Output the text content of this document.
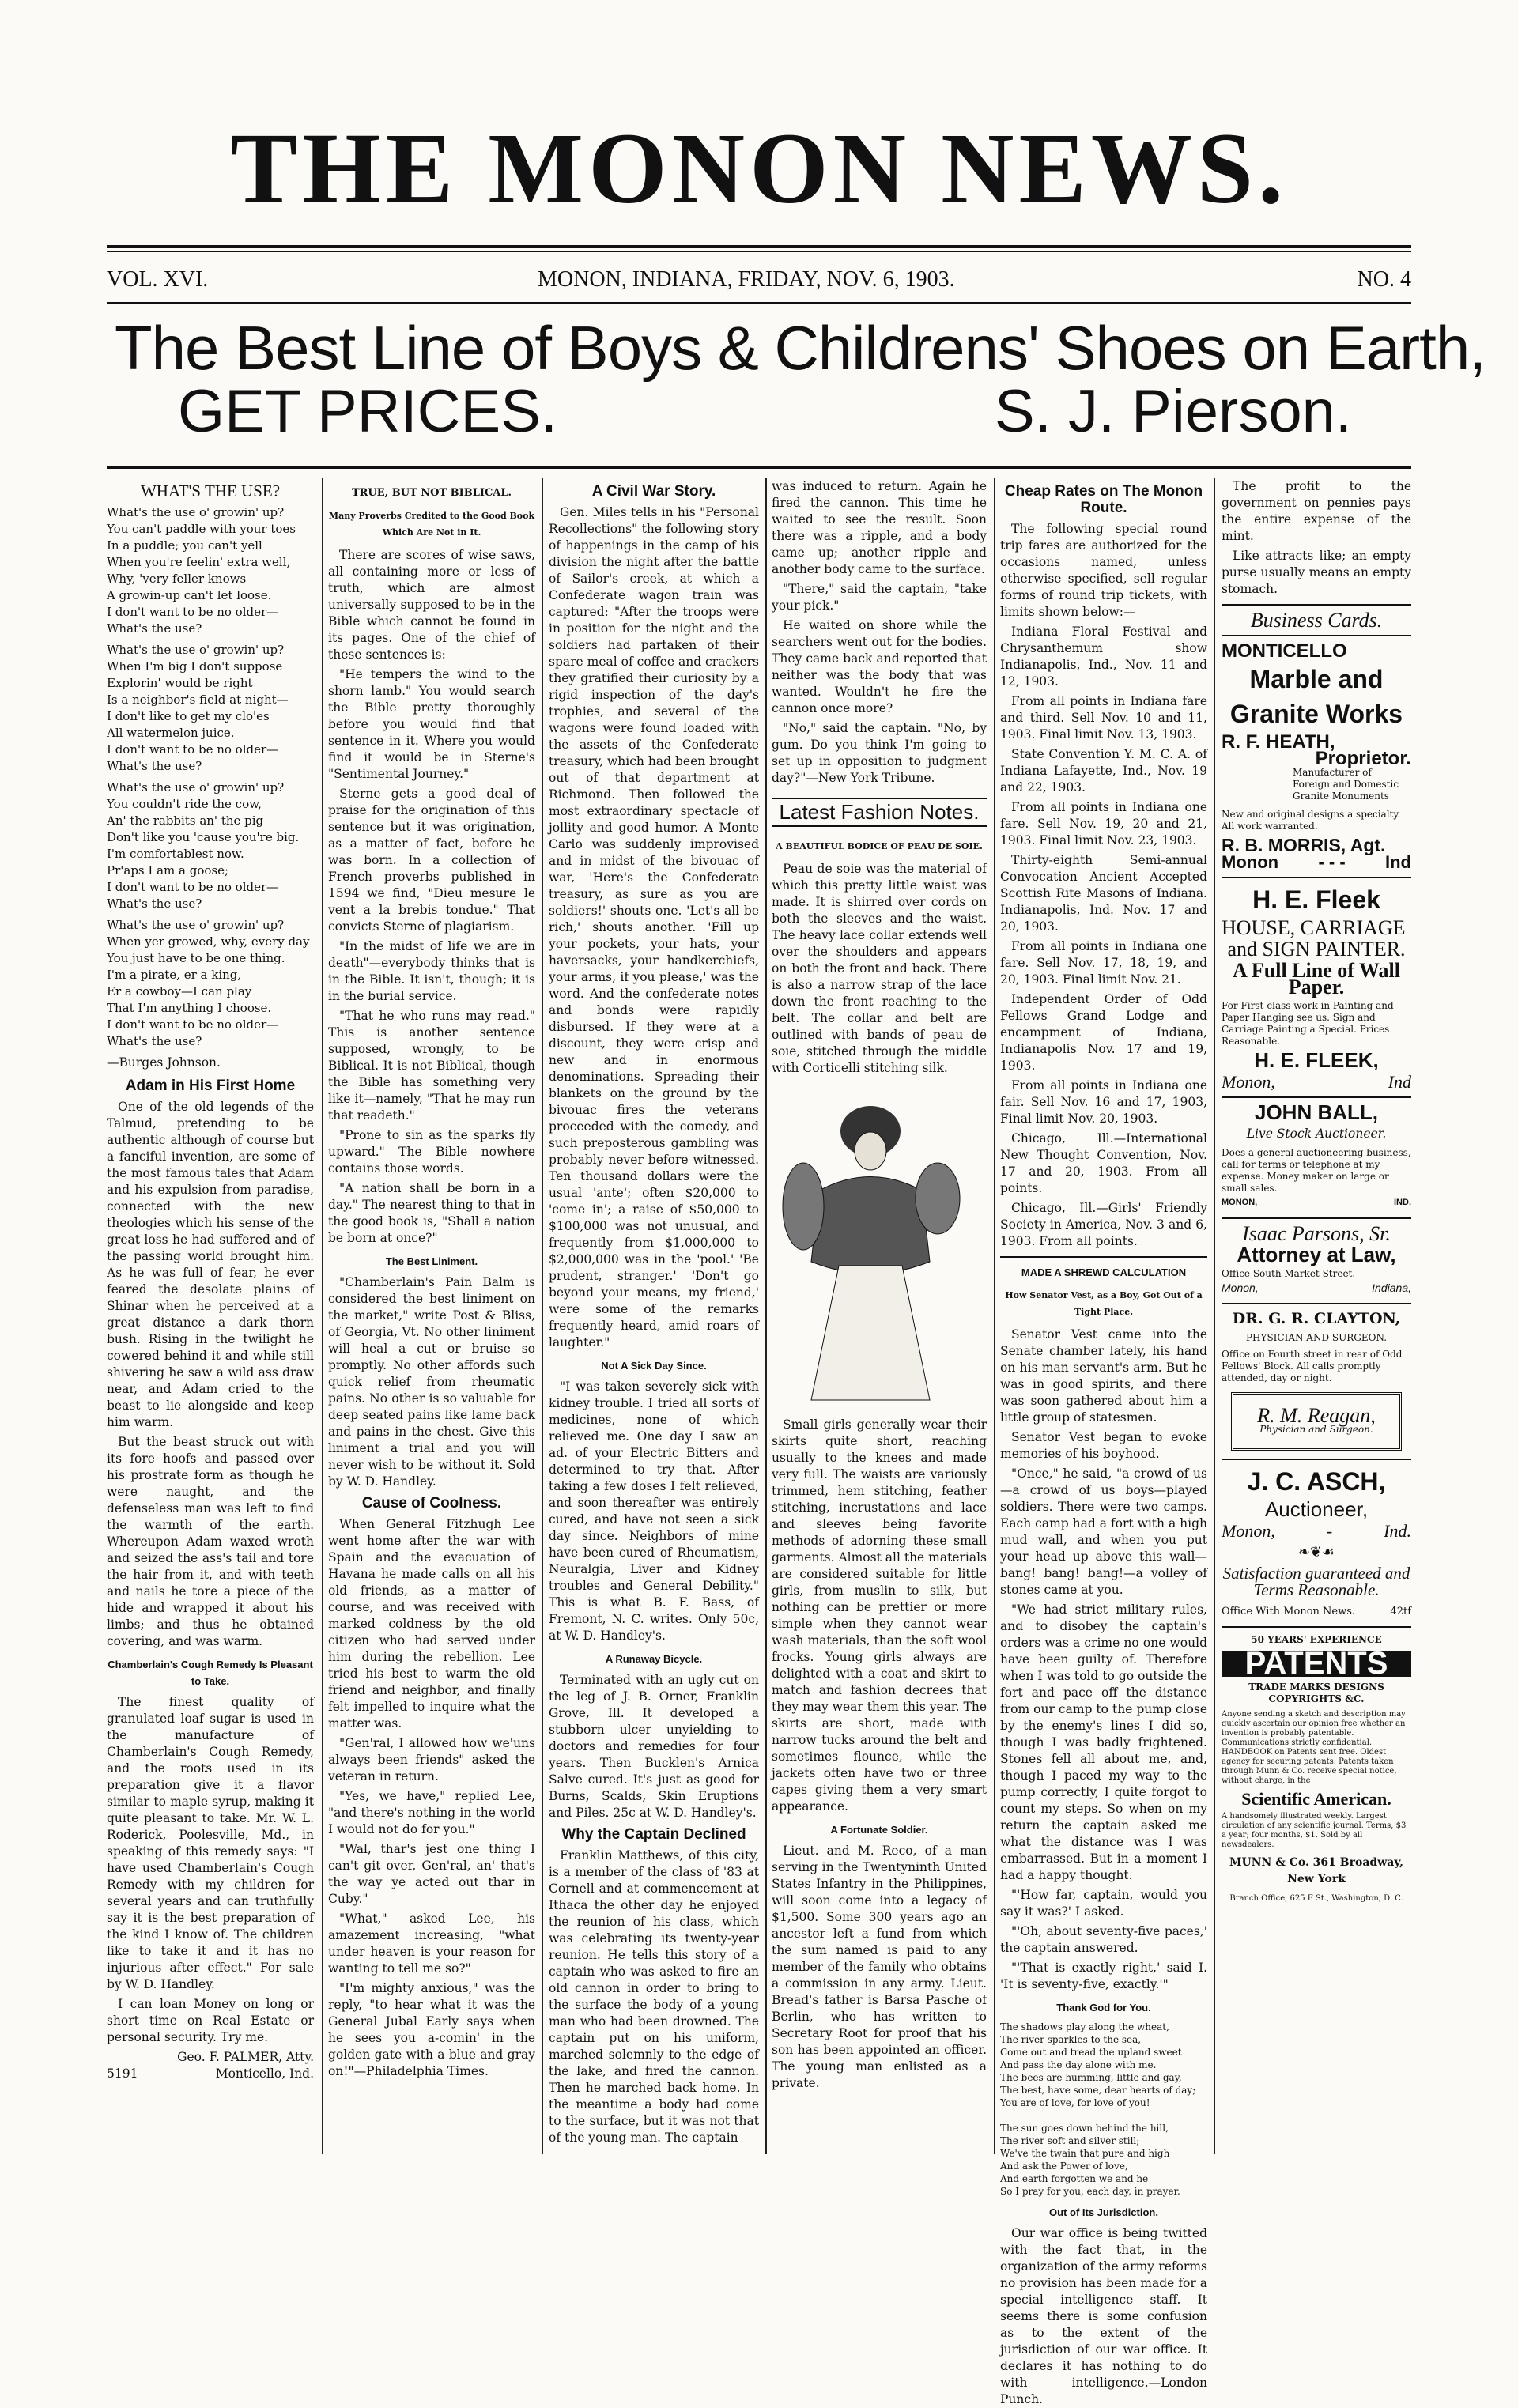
THE MONON NEWS.
VOL. XVI.	MONON, INDIANA, FRIDAY, NOV. 6, 1903.	NO. 4
The Best Line of Boys & Childrens' Shoes on Earth,
GET PRICES.	S. J. Pierson.
WHAT'S THE USE?
What's the use o' growin' up?
You can't paddle with your toes
In a puddle; you can't yell
When you're feelin' extra well,
Why, 'very feller knows
A growin-up can't let loose.
I don't want to be no older—
What's the use?
What's the use o' growin' up?
When I'm big I don't suppose
Explorin' would be right
Is a neighbor's field at night—
I don't like to get my clo'es
All watermelon juice.
I don't want to be no older—
What's the use?
What's the use o' growin' up?
You couldn't ride the cow,
An' the rabbits an' the pig
Don't like you 'cause you're big.
I'm comfortablest now.
Pr'aps I am a goose;
I don't want to be no older—
What's the use?
What's the use o' growin' up?
When yer growed, why, every day
You just have to be one thing.
I'm a pirate, er a king,
Er a cowboy—I can play
That I'm anything I choose.
I don't want to be no older—
What's the use?
—Burges Johnson.
Adam in His First Home

One of the old legends of the Talmud, pretending to be authentic although of course but a fanciful invention, are some of the most famous tales that Adam and his expulsion from paradise, connected with the new theologies which his sense of the great loss he had suffered and of the passing world brought him. As he was full of fear, he ever feared the desolate plains of Shinar when he perceived at a great distance a dark thorn bush. Rising in the twilight he cowered behind it and while still shivering he saw a wild ass draw near, and Adam cried to the beast to lie alongside and keep him warm.

But the beast struck out with its fore hoofs and passed over his prostrate form as though he were naught, and the defenseless man was left to find the warmth of the earth. Whereupon Adam waxed wroth and seized the ass's tail and tore the hair from it, and with teeth and nails he tore a piece of the hide and wrapped it about his limbs; and thus he obtained covering, and was warm.

Chamberlain's Cough Remedy Is Pleasant to Take.

The finest quality of granulated loaf sugar is used in the manufacture of Chamberlain's Cough Remedy, and the roots used in its preparation give it a flavor similar to maple syrup, making it quite pleasant to take. Mr. W. L. Roderick, Poolesville, Md., in speaking of this remedy says: "I have used Chamberlain's Cough Remedy with my children for several years and can truthfully say it is the best preparation of the kind I know of. The children like to take it and it has no injurious after effect." For sale by W. D. Handley.

I can loan Money on long or short time on Real Estate or personal security. Try me.

Geo. F. PALMER, Atty.
5191	Monticello, Ind.
TRUE, BUT NOT BIBLICAL.
Many Proverbs Credited to the Good Book Which Are Not in It.

There are scores of wise saws, all containing more or less of truth, which are almost universally supposed to be in the Bible which cannot be found in its pages. One of the chief of these sentences is:

"He tempers the wind to the shorn lamb." You would search the Bible pretty thoroughly before you would find that sentence in it. Where you would find it would be in Sterne's "Sentimental Journey."

Sterne gets a good deal of praise for the origination of this sentence but it was origination, as a matter of fact, before he was born. In a collection of French proverbs published in 1594 we find, "Dieu mesure le vent a la brebis tondue." That convicts Sterne of plagiarism.

"In the midst of life we are in death"—everybody thinks that is in the Bible. It isn't, though; it is in the burial service.

"That he who runs may read." This is another sentence supposed, wrongly, to be Biblical. It is not Biblical, though the Bible has something very like it—namely, "That he may run that readeth."

"Prone to sin as the sparks fly upward." The Bible nowhere contains those words.

"A nation shall be born in a day." The nearest thing to that in the good book is, "Shall a nation be born at once?"

The Best Liniment.

"Chamberlain's Pain Balm is considered the best liniment on the market," write Post & Bliss, of Georgia, Vt. No other liniment will heal a cut or bruise so promptly. No other affords such quick relief from rheumatic pains. No other is so valuable for deep seated pains like lame back and pains in the chest. Give this liniment a trial and you will never wish to be without it. Sold by W. D. Handley.

Cause of Coolness.

When General Fitzhugh Lee went home after the war with Spain and the evacuation of Havana he made calls on all his old friends, as a matter of course, and was received with marked coldness by the old citizen who had served under him during the rebellion. Lee tried his best to warm the old friend and neighbor, and finally felt impelled to inquire what the matter was.

"Gen'ral, I allowed how we'uns always been friends" asked the veteran in return.

"Yes, we have," replied Lee, "and there's nothing in the world I would not do for you."

"Wal, thar's jest one thing I can't git over, Gen'ral, an' that's the way ye acted out thar in Cuby."

"What," asked Lee, his amazement increasing, "what under heaven is your reason for wanting to tell me so?"

"I'm mighty anxious," was the reply, "to hear what it was the General Jubal Early says when he sees you a-comin' in the golden gate with a blue and gray on!"—Philadelphia Times.

A Civil War Story.

Gen. Miles tells in his "Personal Recollections" the following story of happenings in the camp of his division the night after the battle of Sailor's creek, at which a Confederate wagon train was captured: "After the troops were in position for the night and the soldiers had partaken of their spare meal of coffee and crackers they gratified their curiosity by a rigid inspection of the day's trophies, and several of the wagons were found loaded with the assets of the Confederate treasury, which had been brought out of that department at Richmond. Then followed the most extraordinary spectacle of jollity and good humor. A Monte Carlo was suddenly improvised and in midst of the bivouac of war, 'Here's the Confederate treasury, as sure as you are soldiers!' shouts one. 'Let's all be rich,' shouts another. 'Fill up your pockets, your hats, your haversacks, your handkerchiefs, your arms, if you please,' was the word. And the confederate notes and bonds were rapidly disbursed. If they were at a discount, they were crisp and new and in enormous denominations. Spreading their blankets on the ground by the bivouac fires the veterans proceeded with the comedy, and such preposterous gambling was probably never before witnessed. Ten thousand dollars were the usual 'ante'; often $20,000 to 'come in'; a raise of $50,000 to $100,000 was not unusual, and frequently from $1,000,000 to $2,000,000 was in the 'pool.' 'Be prudent, stranger.' 'Don't go beyond your means, my friend,' were some of the remarks frequently heard, amid roars of laughter."

Not A Sick Day Since.

"I was taken severely sick with kidney trouble. I tried all sorts of medicines, none of which relieved me. One day I saw an ad. of your Electric Bitters and determined to try that. After taking a few doses I felt relieved, and soon thereafter was entirely cured, and have not seen a sick day since. Neighbors of mine have been cured of Rheumatism, Neuralgia, Liver and Kidney troubles and General Debility." This is what B. F. Bass, of Fremont, N. C. writes. Only 50c, at W. D. Handley's.

A Runaway Bicycle.

Terminated with an ugly cut on the leg of J. B. Orner, Franklin Grove, Ill. It developed a stubborn ulcer unyielding to doctors and remedies for four years. Then Bucklen's Arnica Salve cured. It's just as good for Burns, Scalds, Skin Eruptions and Piles. 25c at W. D. Handley's.

Why the Captain Declined

Franklin Matthews, of this city, is a member of the class of '83 at Cornell and at commencement at Ithaca the other day he enjoyed the reunion of his class, which was celebrating its twenty-year reunion. He tells this story of a captain who was asked to fire an old cannon in order to bring to the surface the body of a young man who had been drowned. The captain put on his uniform, marched solemnly to the edge of the lake, and fired the cannon. Then he marched back home. In the meantime a body had come to the surface, but it was not that of the young man. The captain

was induced to return. Again he fired the cannon. This time he waited to see the result. Soon there was a ripple, and a body came up; another ripple and another body came to the surface.

"There," said the captain, "take your pick."

He waited on shore while the searchers went out for the bodies. They came back and reported that neither was the body that was wanted. Wouldn't he fire the cannon once more?

"No," said the captain. "No, by gum. Do you think I'm going to set up in opposition to judgment day?"—New York Tribune.

Latest Fashion Notes.
A BEAUTIFUL BODICE OF PEAU DE SOIE.

Peau de soie was the material of which this pretty little waist was made. It is shirred over cords on both the sleeves and the waist. The heavy lace collar extends well over the shoulders and appears on both the front and back. There is also a narrow strap of the lace down the front reaching to the belt. The collar and belt are outlined with bands of peau de soie, stitched through the middle with Corticelli stitching silk.

Small girls generally wear their skirts quite short, reaching usually to the knees and made very full. The waists are variously trimmed, hem stitching, feather stitching, incrustations and lace and sleeves being favorite methods of adorning these small garments. Almost all the materials are considered suitable for little girls, from muslin to silk, but nothing can be prettier or more simple when they cannot wear wash materials, than the soft wool frocks. Young girls always are delighted with a coat and skirt to match and fashion decrees that they may wear them this year. The skirts are short, made with narrow tucks around the belt and sometimes flounce, while the jackets often have two or three capes giving them a very smart appearance.

A Fortunate Soldier.

Lieut. and M. Reco, of a man serving in the Twentyninth United States Infantry in the Philippines, will soon come into a legacy of $1,500. Some 300 years ago an ancestor left a fund from which the sum named is paid to any member of the family who obtains a commission in any army. Lieut. Bread's father is Barsa Pasche of Berlin, who has written to Secretary Root for proof that his son has been appointed an officer. The young man enlisted as a private.

Cheap Rates on The Monon Route.

The following special round trip fares are authorized for the occasions named, unless otherwise specified, sell regular forms of round trip tickets, with limits shown below:—

Indiana Floral Festival and Chrysanthemum show Indianapolis, Ind., Nov. 11 and 12, 1903.

From all points in Indiana fare and third. Sell Nov. 10 and 11, 1903. Final limit Nov. 13, 1903.

State Convention Y. M. C. A. of Indiana Lafayette, Ind., Nov. 19 and 22, 1903.

From all points in Indiana one fare. Sell Nov. 19, 20 and 21, 1903. Final limit Nov. 23, 1903.

Thirty-eighth Semi-annual Convocation Ancient Accepted Scottish Rite Masons of Indiana. Indianapolis, Ind. Nov. 17 and 20, 1903.

From all points in Indiana one fare. Sell Nov. 17, 18, 19, and 20, 1903. Final limit Nov. 21.

Independent Order of Odd Fellows Grand Lodge and encampment of Indiana, Indianapolis Nov. 17 and 19, 1903.

From all points in Indiana one fair. Sell Nov. 16 and 17, 1903, Final limit Nov. 20, 1903.

Chicago, Ill.—International New Thought Convention, Nov. 17 and 20, 1903. From all points.

Chicago, Ill.—Girls' Friendly Society in America, Nov. 3 and 6, 1903. From all points.

MADE A SHREWD CALCULATION
How Senator Vest, as a Boy, Got Out of a Tight Place.

Senator Vest came into the Senate chamber lately, his hand on his man servant's arm. But he was in good spirits, and there was soon gathered about him a little group of statesmen.

Senator Vest began to evoke memories of his boyhood.

"Once," he said, "a crowd of us—a crowd of us boys—played soldiers. There were two camps. Each camp had a fort with a high mud wall, and when you put your head up above this wall—bang! bang! bang!—a volley of stones came at you.

"We had strict military rules, and to disobey the captain's orders was a crime no one would have been guilty of. Therefore when I was told to go outside the fort and pace off the distance from our camp to the pump close by the enemy's lines I did so, though I was badly frightened. Stones fell all about me, and, though I paced my way to the pump correctly, I quite forgot to count my steps. So when on my return the captain asked me what the distance was I was embarrassed. But in a moment I had a happy thought.

"'How far, captain, would you say it was?' I asked.

"'Oh, about seventy-five paces,' the captain answered.

"'That is exactly right,' said I. 'It is seventy-five, exactly.'"

Thank God for You.
The shadows play along the wheat,
The river sparkles to the sea,
Come out and tread the upland sweet
And pass the day alone with me.
The bees are humming, little and gay,
The best, have some, dear hearts of day;
You are of love, for love of you!

The sun goes down behind the hill,
The river soft and silver still;
We've the twain that pure and high
And ask the Power of love,
And earth forgotten we and he
So I pray for you, each day, in prayer.
Out of Its Jurisdiction.

Our war office is being twitted with the fact that, in the organization of the army reforms no provision has been made for a special intelligence staff. It seems there is some confusion as to the extent of the jurisdiction of our war office. It declares it has nothing to do with intelligence.—London Punch.

The profit to the government on pennies pays the entire expense of the mint.

Like attracts like; an empty purse usually means an empty stomach.

Business Cards.
MONTICELLO
Marble and
Granite Works
R. F. HEATH,
Proprietor.
Manufacturer of Foreign and Domestic Granite Monuments
New and original designs a specialty. All work warranted.
R. B. MORRIS, Agt.
Monon - - - Ind
H. E. Fleek
HOUSE, CARRIAGE
and SIGN PAINTER.
A Full Line of Wall Paper.
For First-class work in Painting and Paper Hanging see us. Sign and Carriage Painting a Special. Prices Reasonable.
H. E. FLEEK,
Monon,	Ind
JOHN BALL,
Live Stock Auctioneer.
Does a general auctioneering business, call for terms or telephone at my expense. Money maker on large or small sales.
MONON,	IND.
Isaac Parsons, Sr.
Attorney at Law,
Office South Market Street.
Monon,	Indiana,
DR. G. R. CLAYTON,
PHYSICIAN AND SURGEON.
Office on Fourth street in rear of Odd Fellows' Block. All calls promptly attended, day or night.
R. M. Reagan,
Physician and Surgeon.
J. C. ASCH,
Auctioneer,
Monon,	-	Ind.
❧❦☙
Satisfaction guaranteed and Terms Reasonable.
Office With Monon News.	42tf
50 YEARS' EXPERIENCE
PATENTS
TRADE MARKS DESIGNS COPYRIGHTS &C.
Anyone sending a sketch and description may quickly ascertain our opinion free whether an invention is probably patentable. Communications strictly confidential. HANDBOOK on Patents sent free. Oldest agency for securing patents. Patents taken through Munn & Co. receive special notice, without charge, in the
Scientific American.
A handsomely illustrated weekly. Largest circulation of any scientific journal. Terms, $3 a year; four months, $1. Sold by all newsdealers.
MUNN & Co. 361 Broadway, New York
Branch Office, 625 F St., Washington, D. C.
